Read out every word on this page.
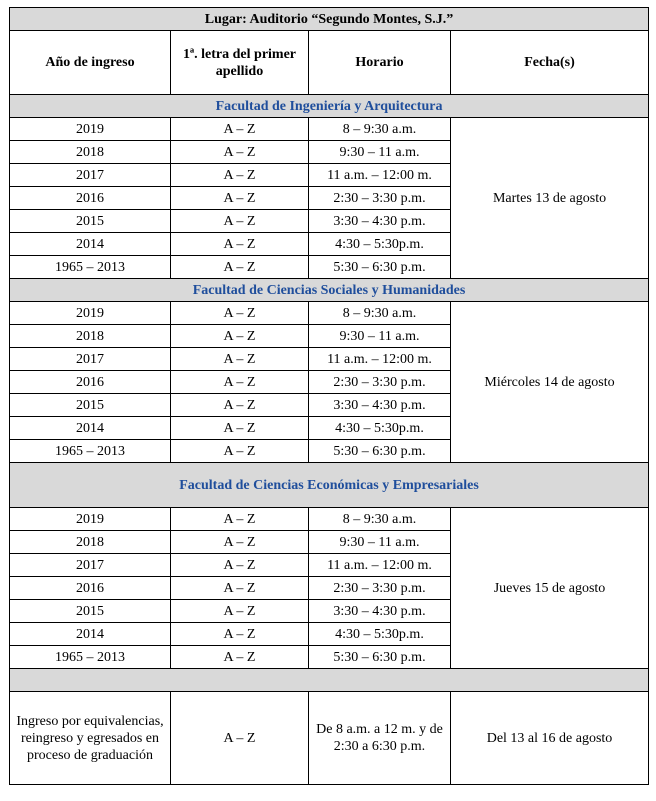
Lugar: Auditorio “Segundo Montes, S.J.”			
Año de ingreso	1ª. letra del primer apellido	Horario	Fecha(s)
Facultad de Ingeniería y Arquitectura			
2019	A – Z	8 – 9:30 a.m.	Martes 13 de agosto
2018	A – Z	9:30 – 11 a.m.	
2017	A – Z	11 a.m. – 12:00 m.	
2016	A – Z	2:30 – 3:30 p.m.	
2015	A – Z	3:30 – 4:30 p.m.	
2014	A – Z	4:30 – 5:30p.m.	
1965 – 2013	A – Z	5:30 – 6:30 p.m.	
Facultad de Ciencias Sociales y Humanidades			
2019	A – Z	8 – 9:30 a.m.	Miércoles 14 de agosto
2018	A – Z	9:30 – 11 a.m.	
2017	A – Z	11 a.m. – 12:00 m.	
2016	A – Z	2:30 – 3:30 p.m.	
2015	A – Z	3:30 – 4:30 p.m.	
2014	A – Z	4:30 – 5:30p.m.	
1965 – 2013	A – Z	5:30 – 6:30 p.m.	
Facultad de Ciencias Económicas y Empresariales			
2019	A – Z	8 – 9:30 a.m.	Jueves 15 de agosto
2018	A – Z	9:30 – 11 a.m.	
2017	A – Z	11 a.m. – 12:00 m.	
2016	A – Z	2:30 – 3:30 p.m.	
2015	A – Z	3:30 – 4:30 p.m.	
2014	A – Z	4:30 – 5:30p.m.	
1965 – 2013	A – Z	5:30 – 6:30 p.m.	

Ingreso por equivalencias, reingreso y egresados en proceso de graduación	A – Z	De 8 a.m. a 12 m. y de 2:30 a 6:30 p.m.	Del 13 al 16 de agosto
